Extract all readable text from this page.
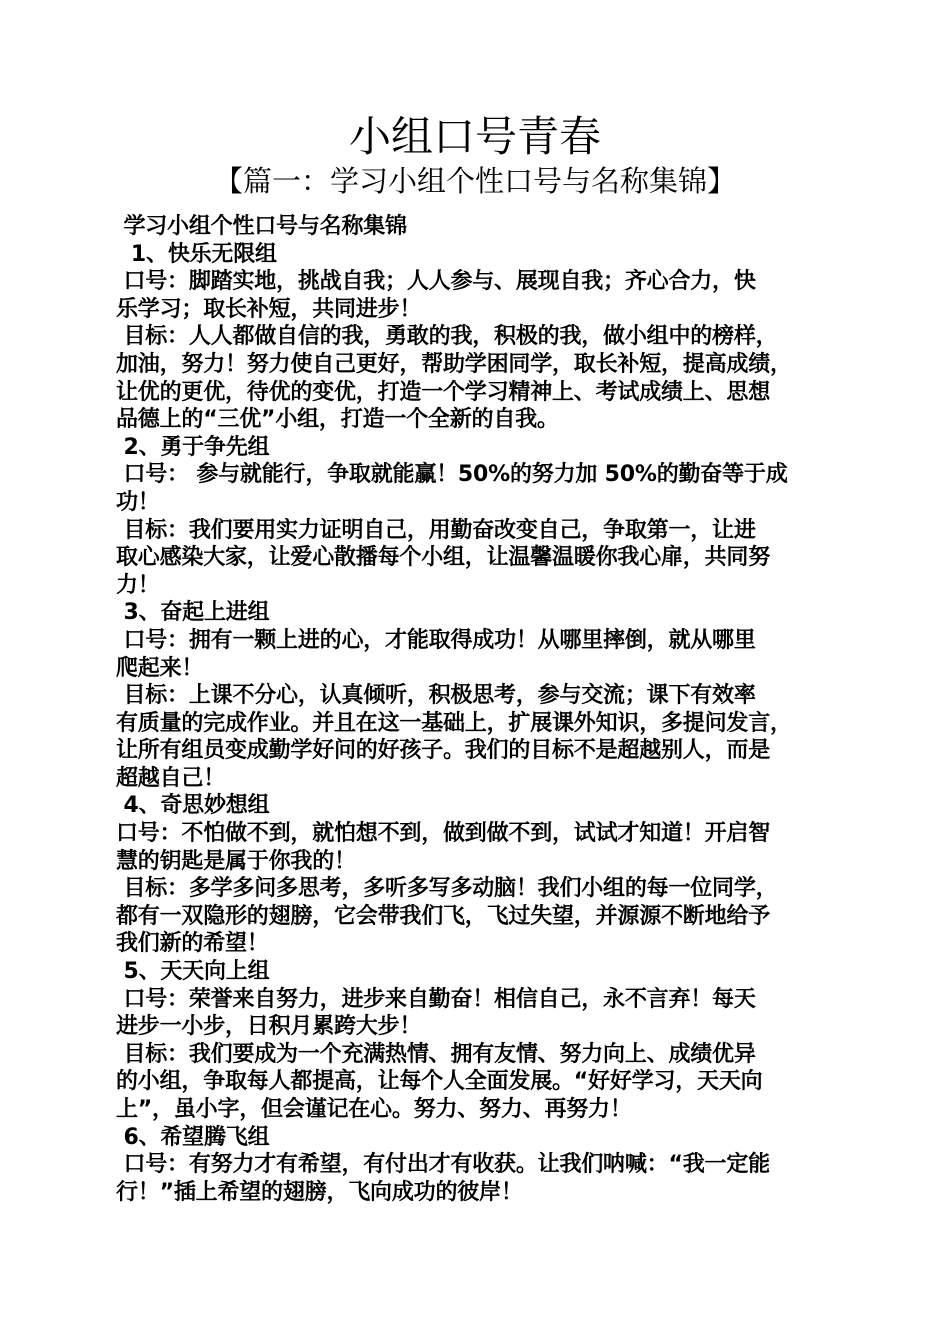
小组口号青春
【篇一：学习小组个性口号与名称集锦】
学习小组个性口号与名称集锦
1、快乐无限组
口号：脚踏实地，挑战自我；人人参与、展现自我；齐心合力，快
乐学习；取长补短，共同进步！
目标：人人都做自信的我，勇敢的我，积极的我，做小组中的榜样，
加油，努力！努力使自己更好，帮助学困同学，取长补短，提高成绩，
让优的更优，待优的变优，打造一个学习精神上、考试成绩上、思想
品德上的“三优”小组，打造一个全新的自我。
2、勇于争先组
口号： 参与就能行，争取就能赢！50%的努力加 50%的勤奋等于成
功！
目标：我们要用实力证明自己，用勤奋改变自己，争取第一，让进
取心感染大家，让爱心散播每个小组，让温馨温暖你我心扉，共同努
力！
3、奋起上进组
口号：拥有一颗上进的心，才能取得成功！从哪里摔倒，就从哪里
爬起来！
目标：上课不分心，认真倾听，积极思考，参与交流；课下有效率
有质量的完成作业。并且在这一基础上，扩展课外知识，多提问发言，
让所有组员变成勤学好问的好孩子。我们的目标不是超越别人，而是
超越自己！
4、奇思妙想组
口号：不怕做不到，就怕想不到，做到做不到，试试才知道！开启智
慧的钥匙是属于你我的！
目标：多学多问多思考，多听多写多动脑！我们小组的每一位同学，
都有一双隐形的翅膀，它会带我们飞，飞过失望，并源源不断地给予
我们新的希望！
5、天天向上组
口号：荣誉来自努力，进步来自勤奋！相信自己，永不言弃！每天
进步一小步，日积月累跨大步！
目标：我们要成为一个充满热情、拥有友情、努力向上、成绩优异
的小组，争取每人都提高，让每个人全面发展。“好好学习，天天向
上”，虽小字，但会谨记在心。努力、努力、再努力！
6、希望腾飞组
口号：有努力才有希望，有付出才有收获。让我们呐喊：“我一定能
行！”插上希望的翅膀，飞向成功的彼岸！
